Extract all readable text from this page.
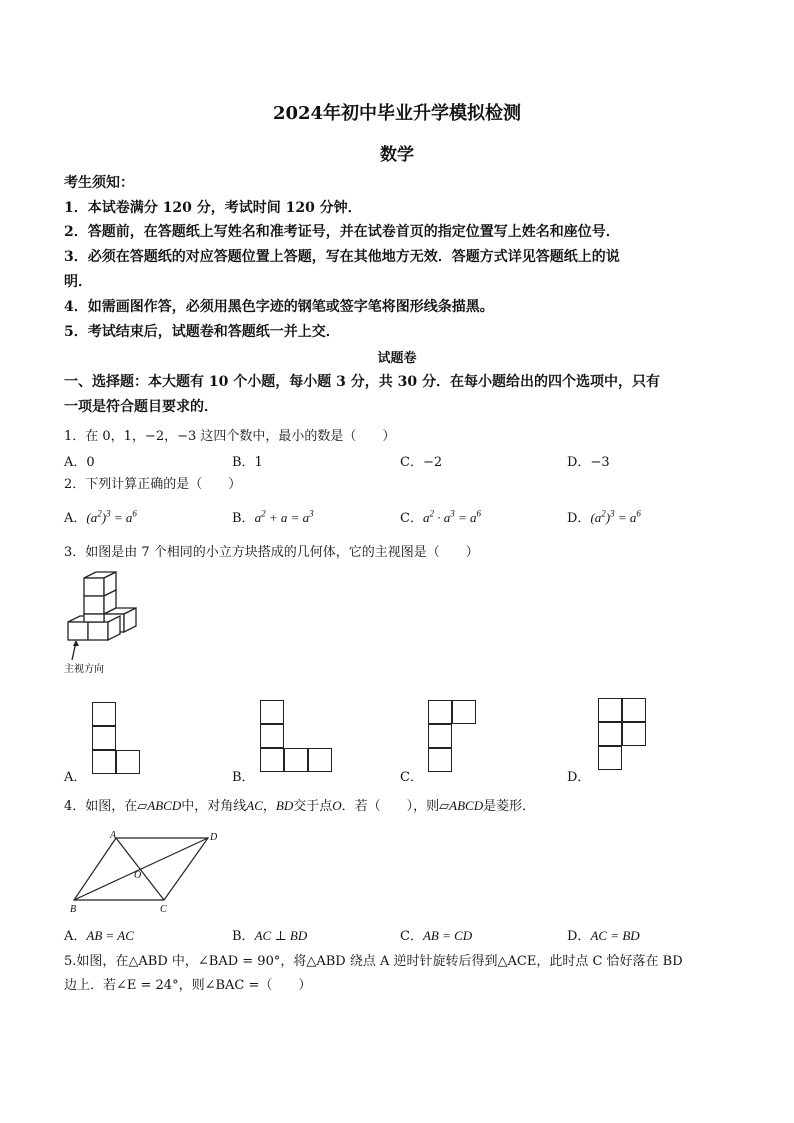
2024年初中毕业升学模拟检测
数学
考生须知：
1．本试卷满分 120 分，考试时间 120 分钟．
2．答题前，在答题纸上写姓名和准考证号，并在试卷首页的指定位置写上姓名和座位号．
3．必须在答题纸的对应答题位置上答题，写在其他地方无效．答题方式详见答题纸上的说
明．
4．如需画图作答，必须用黑色字迹的钢笔或签字笔将图形线条描黑。
5．考试结束后，试题卷和答题纸一并上交．
试题卷
一、选择题：本大题有 10 个小题，每小题 3 分，共 30 分．在每小题给出的四个选项中，只有
一项是符合题目要求的．
1．在 0，1，−2，−3 这四个数中，最小的数是（　　）
A．0	B．1	C．−2	D．−3
2．下列计算正确的是（　　）
A．$(a^2)^3 = a^6$	B．$a^2 + a = a^3$	C．$a^2 \cdot a^3 = a^6$	D．$(a^2)^3 = a^6$
3．如图是由 7 个相同的小立方块搭成的几何体，它的主视图是（　　）
主视方向
A．	B．	C．	D．
4．如图，在▱ABCD中，对角线AC，BD交于点O．若（　　），则▱ABCD是菱形．
A	D
O
B	C
A．AB = AC	B．AC ⊥ BD	C．AB = CD	D．AC = BD
5.如图，在△ABD 中，∠BAD = 90°，将△ABD 绕点 A 逆时针旋转后得到△ACE，此时点 C 恰好落在 BD
边上．若∠E = 24°，则∠BAC =（　　）
